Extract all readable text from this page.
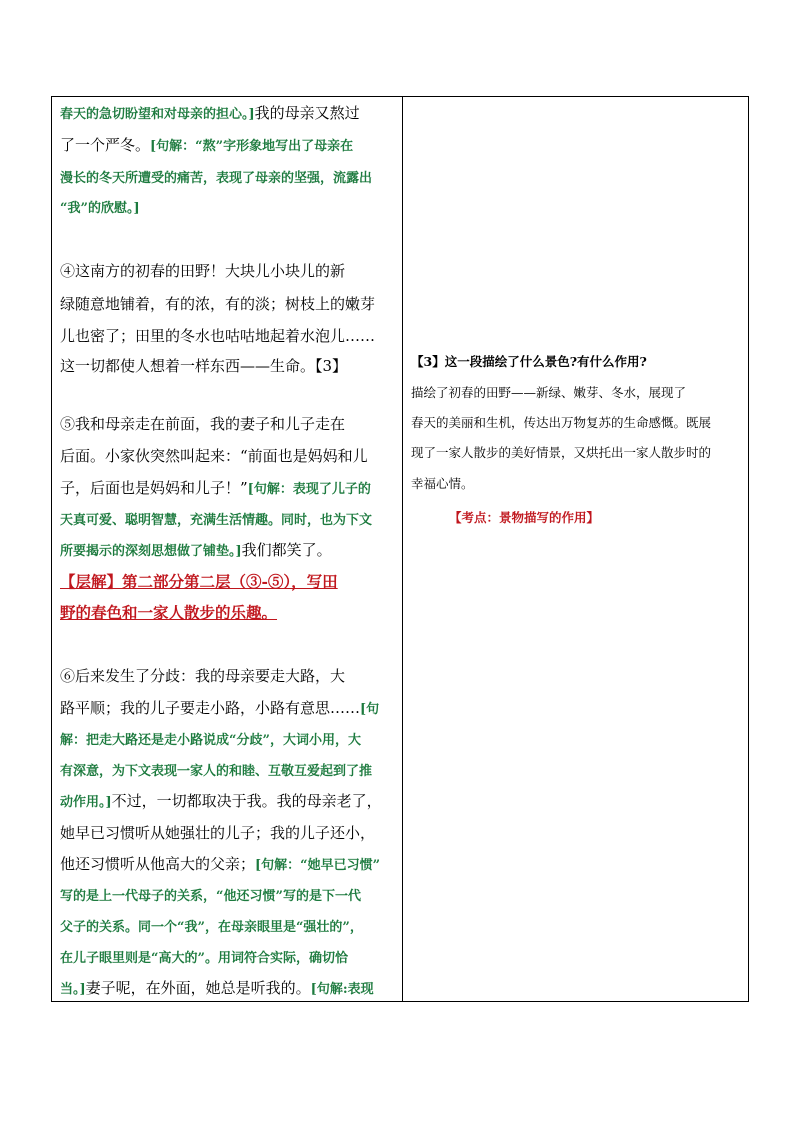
春天的急切盼望和对母亲的担心。]我的母亲又熬过
了一个严冬。[句解：“熬”字形象地写出了母亲在
漫长的冬天所遭受的痛苦，表现了母亲的坚强，流露出
“我”的欣慰。]
④这南方的初春的田野！大块儿小块儿的新
绿随意地铺着，有的浓，有的淡；树枝上的嫩芽
儿也密了；田里的冬水也咕咕地起着水泡儿……
这一切都使人想着一样东西——生命。【3】
⑤我和母亲走在前面，我的妻子和儿子走在
后面。小家伙突然叫起来：“前面也是妈妈和儿
子，后面也是妈妈和儿子！”[句解：表现了儿子的
天真可爱、聪明智慧，充满生活情趣。同时，也为下文
所要揭示的深刻思想做了铺垫。]我们都笑了。
【层解】第二部分第二层（③-⑤），写田
野的春色和一家人散步的乐趣。
⑥后来发生了分歧：我的母亲要走大路，大
路平顺；我的儿子要走小路，小路有意思……[句
解：把走大路还是走小路说成“分歧”，大词小用，大
有深意，为下文表现一家人的和睦、互敬互爱起到了推
动作用。]不过，一切都取决于我。我的母亲老了，
她早已习惯听从她强壮的儿子；我的儿子还小，
他还习惯听从他高大的父亲；[句解：“她早已习惯”
写的是上一代母子的关系，“他还习惯”写的是下一代
父子的关系。同一个“我”，在母亲眼里是“强壮的”，
在儿子眼里则是“高大的”。用词符合实际，确切恰
当。]妻子呢，在外面，她总是听我的。[句解:表现
【3】这一段描绘了什么景色?有什么作用?
描绘了初春的田野——新绿、嫩芽、冬水，展现了
春天的美丽和生机，传达出万物复苏的生命感慨。既展
现了一家人散步的美好情景，又烘托出一家人散步时的
幸福心情。
【考点：景物描写的作用】
